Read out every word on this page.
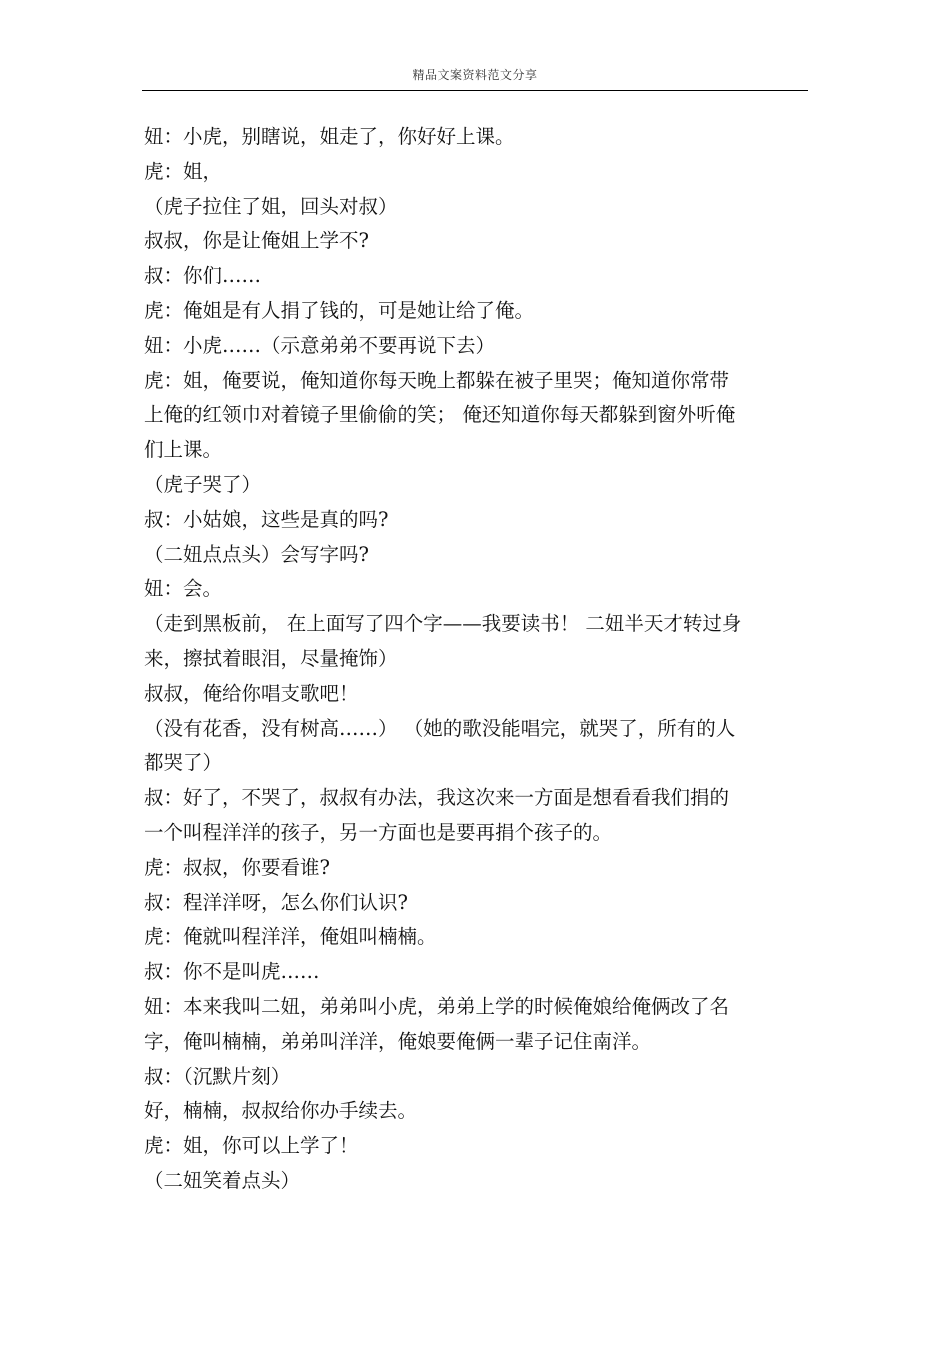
精品文案资料范文分享
妞：小虎，别瞎说，姐走了，你好好上课。
虎：姐，
（虎子拉住了姐，回头对叔）
叔叔，你是让俺姐上学不?
叔：你们……
虎：俺姐是有人捐了钱的，可是她让给了俺。
妞：小虎……（示意弟弟不要再说下去）
虎：姐，俺要说，俺知道你每天晚上都躲在被子里哭；俺知道你常带
上俺的红领巾对着镜子里偷偷的笑； 俺还知道你每天都躲到窗外听俺
们上课。
（虎子哭了）
叔：小姑娘，这些是真的吗?
（二妞点点头）会写字吗?
妞：会。
（走到黑板前， 在上面写了四个字——我要读书！ 二妞半天才转过身
来，擦拭着眼泪，尽量掩饰）
叔叔，俺给你唱支歌吧！
（没有花香，没有树高……） （她的歌没能唱完，就哭了，所有的人
都哭了）
叔：好了，不哭了，叔叔有办法，我这次来一方面是想看看我们捐的
一个叫程洋洋的孩子，另一方面也是要再捐个孩子的。
虎：叔叔，你要看谁?
叔：程洋洋呀，怎么你们认识?
虎：俺就叫程洋洋，俺姐叫楠楠。
叔：你不是叫虎……
妞：本来我叫二妞，弟弟叫小虎，弟弟上学的时候俺娘给俺俩改了名
字，俺叫楠楠，弟弟叫洋洋，俺娘要俺俩一辈子记住南洋。
叔：（沉默片刻）
好，楠楠，叔叔给你办手续去。
虎：姐，你可以上学了！
（二妞笑着点头）
